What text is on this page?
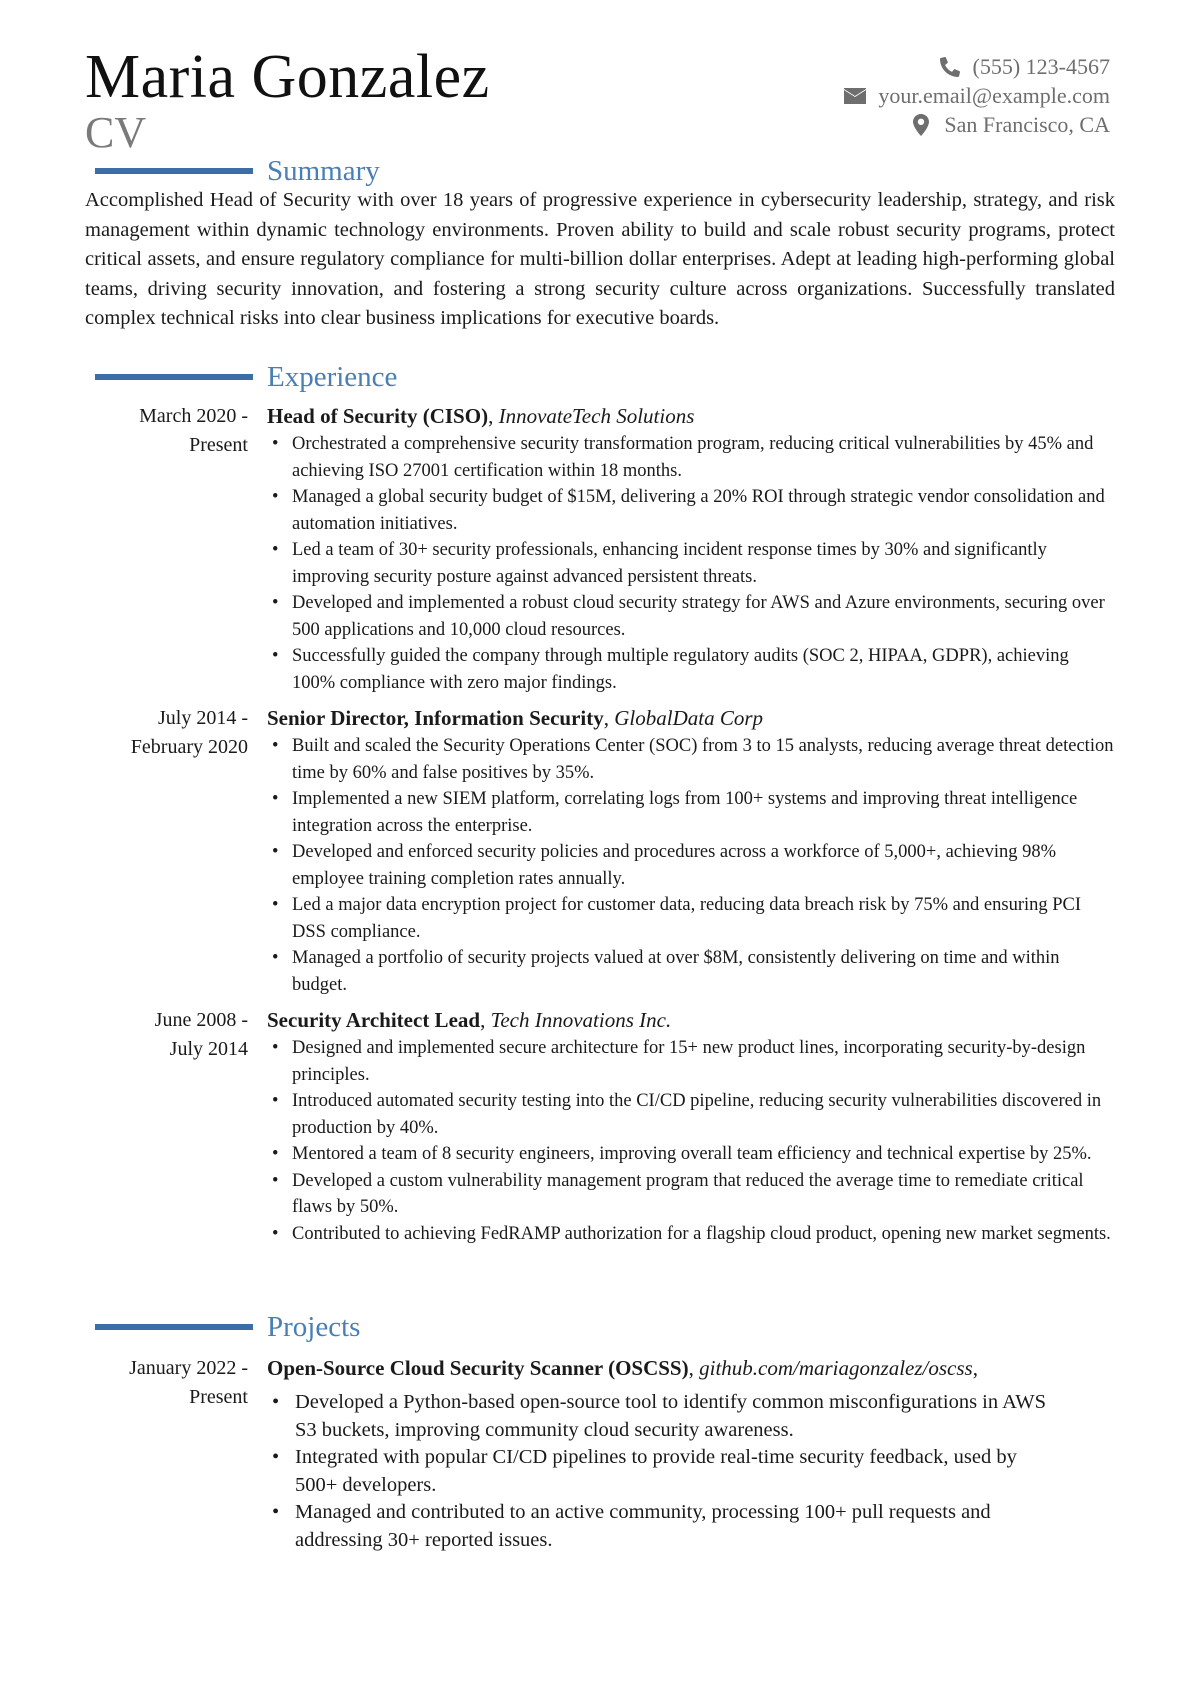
Maria Gonzalez
CV
(555) 123-4567
your.email@example.com
San Francisco, CA
Summary
Accomplished Head of Security with over 18 years of progressive experience in cybersecurity leadership, strategy, and risk management within dynamic technology environments. Proven ability to build and scale robust security programs, protect critical assets, and ensure regulatory compliance for multi-billion dollar enterprises. Adept at leading high-performing global teams, driving security innovation, and fostering a strong security culture across organizations. Successfully translated complex technical risks into clear business implications for executive boards.
Experience
March 2020 -
Present
Head of Security (CISO), InnovateTech Solutions
• Orchestrated a comprehensive security transformation program, reducing critical vulnerabilities by 45% and achieving ISO 27001 certification within 18 months.
• Managed a global security budget of $15M, delivering a 20% ROI through strategic vendor consolidation and automation initiatives.
• Led a team of 30+ security professionals, enhancing incident response times by 30% and significantly improving security posture against advanced persistent threats.
• Developed and implemented a robust cloud security strategy for AWS and Azure environments, securing over 500 applications and 10,000 cloud resources.
• Successfully guided the company through multiple regulatory audits (SOC 2, HIPAA, GDPR), achieving 100% compliance with zero major findings.
July 2014 -
February 2020
Senior Director, Information Security, GlobalData Corp
• Built and scaled the Security Operations Center (SOC) from 3 to 15 analysts, reducing average threat detection time by 60% and false positives by 35%.
• Implemented a new SIEM platform, correlating logs from 100+ systems and improving threat intelligence integration across the enterprise.
• Developed and enforced security policies and procedures across a workforce of 5,000+, achieving 98% employee training completion rates annually.
• Led a major data encryption project for customer data, reducing data breach risk by 75% and ensuring PCI DSS compliance.
• Managed a portfolio of security projects valued at over $8M, consistently delivering on time and within budget.
June 2008 -
July 2014
Security Architect Lead, Tech Innovations Inc.
• Designed and implemented secure architecture for 15+ new product lines, incorporating security-by-design principles.
• Introduced automated security testing into the CI/CD pipeline, reducing security vulnerabilities discovered in production by 40%.
• Mentored a team of 8 security engineers, improving overall team efficiency and technical expertise by 25%.
• Developed a custom vulnerability management program that reduced the average time to remediate critical flaws by 50%.
• Contributed to achieving FedRAMP authorization for a flagship cloud product, opening new market segments.
Projects
January 2022 -
Present
Open-Source Cloud Security Scanner (OSCSS), github.com/mariagonzalez/oscss,
• Developed a Python-based open-source tool to identify common misconfigurations in AWS S3 buckets, improving community cloud security awareness.
• Integrated with popular CI/CD pipelines to provide real-time security feedback, used by 500+ developers.
• Managed and contributed to an active community, processing 100+ pull requests and addressing 30+ reported issues.
